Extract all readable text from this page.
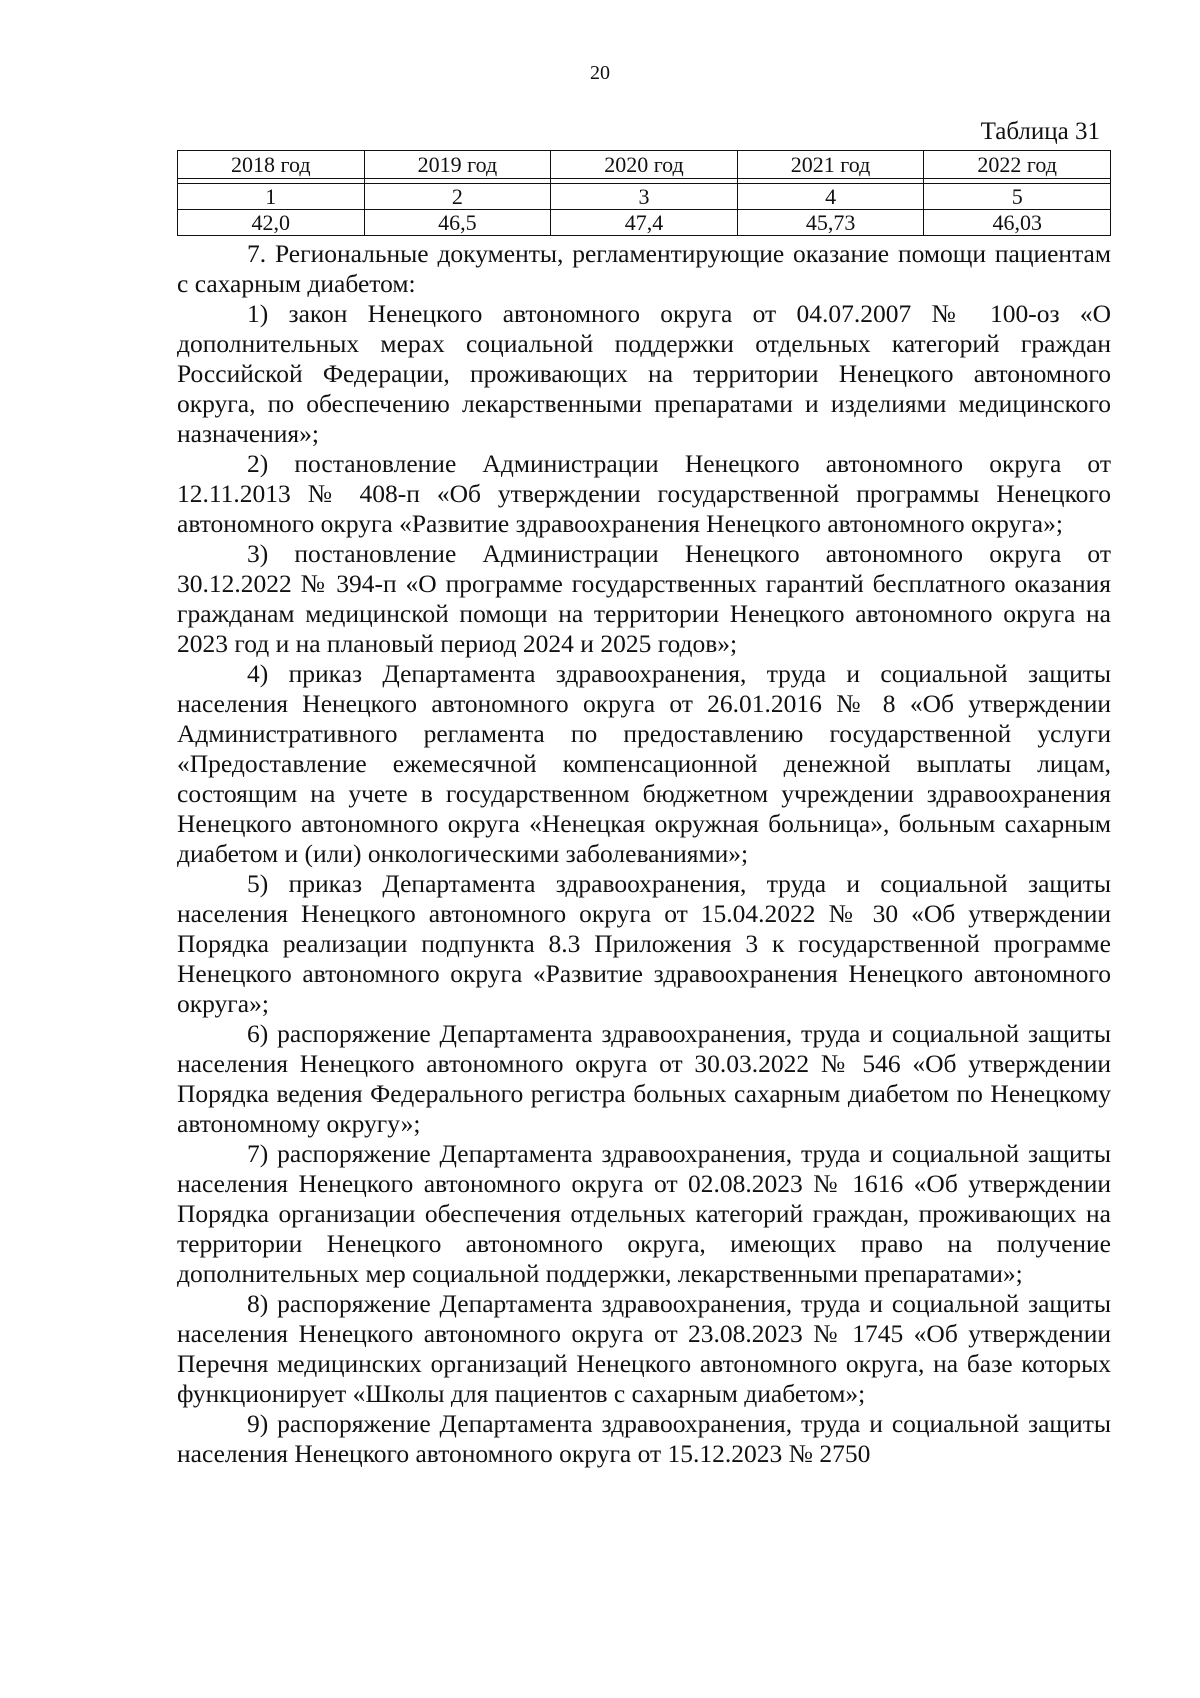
20
Таблица 31
2018 год	2019 год	2020 год	2021 год	2022 год

1	2	3	4	5
42,0	46,5	47,4	45,73	46,03

7. Региональные документы, регламентирующие оказание помощи пациентам с сахарным диабетом:

1) закон Ненецкого автономного округа от 04.07.2007 № 100-оз «О дополнительных мерах социальной поддержки отдельных категорий граждан Российской Федерации, проживающих на территории Ненецкого автономного округа, по обеспечению лекарственными препаратами и изделиями медицинского назначения»;

2) постановление Администрации Ненецкого автономного округа от 12.11.2013 № 408-п «Об утверждении государственной программы Ненецкого автономного округа «Развитие здравоохранения Ненецкого автономного округа»;

3) постановление Администрации Ненецкого автономного округа от 30.12.2022 № 394-п «О программе государственных гарантий бесплатного оказания гражданам медицинской помощи на территории Ненецкого автономного округа на 2023 год и на плановый период 2024 и 2025 годов»;

4) приказ Департамента здравоохранения, труда и социальной защиты населения Ненецкого автономного округа от 26.01.2016 № 8 «Об утверждении Административного регламента по предоставлению государственной услуги «Предоставление ежемесячной компенсационной денежной выплаты лицам, состоящим на учете в государственном бюджетном учреждении здравоохранения Ненецкого автономного округа «Ненецкая окружная больница», больным сахарным диабетом и (или) онкологическими заболеваниями»;

5) приказ Департамента здравоохранения, труда и социальной защиты населения Ненецкого автономного округа от 15.04.2022 № 30 «Об утверждении Порядка реализации подпункта 8.3 Приложения 3 к государственной программе Ненецкого автономного округа «Развитие здравоохранения Ненецкого автономного округа»;

6) распоряжение Департамента здравоохранения, труда и социальной защиты населения Ненецкого автономного округа от 30.03.2022 № 546 «Об утверждении Порядка ведения Федерального регистра больных сахарным диабетом по Ненецкому автономному округу»;

7) распоряжение Департамента здравоохранения, труда и социальной защиты населения Ненецкого автономного округа от 02.08.2023 № 1616 «Об утверждении Порядка организации обеспечения отдельных категорий граждан, проживающих на территории Ненецкого автономного округа, имеющих право на получение дополнительных мер социальной поддержки, лекарственными препаратами»;

8) распоряжение Департамента здравоохранения, труда и социальной защиты населения Ненецкого автономного округа от 23.08.2023 № 1745 «Об утверждении Перечня медицинских организаций Ненецкого автономного округа, на базе которых функционирует «Школы для пациентов с сахарным диабетом»;

9) распоряжение Департамента здравоохранения, труда и социальной защиты населения Ненецкого автономного округа от 15.12.2023 № 2750
